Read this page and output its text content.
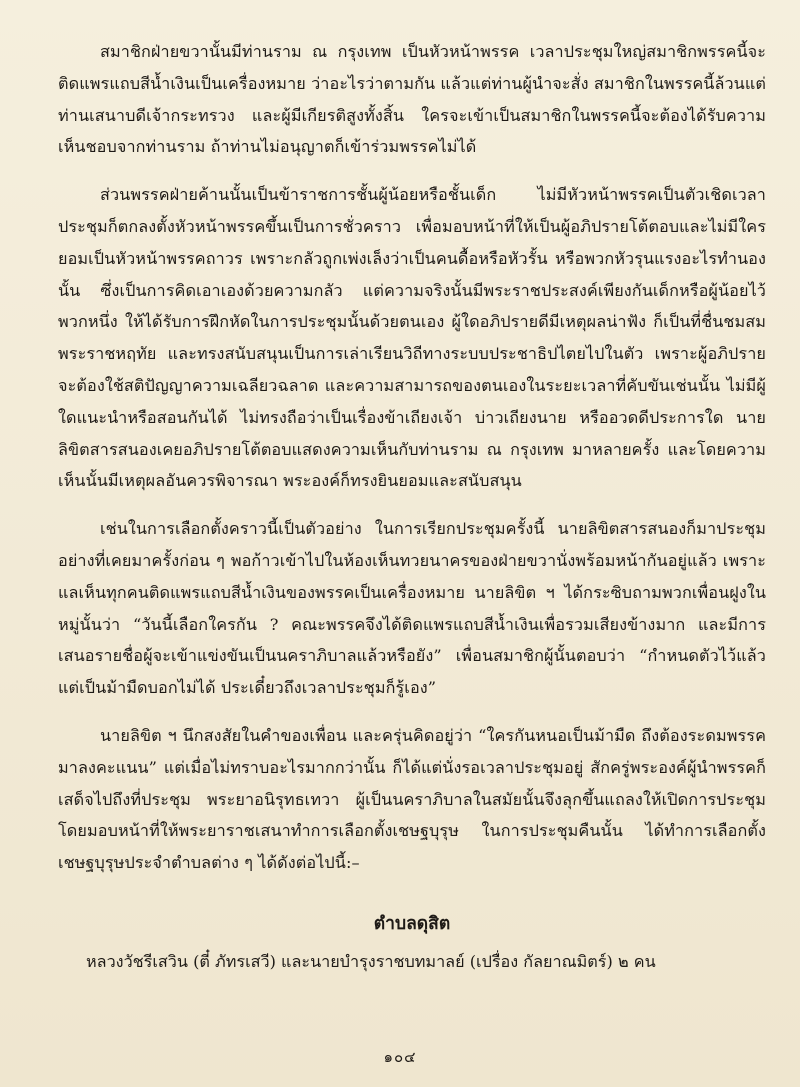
สมาชิกฝ่ายขวานั้นมีท่านราม ณ กรุงเทพ เป็นหัวหน้าพรรค เวลาประชุมใหญ่สมาชิกพรรคนี้จะติดแพรแถบสีน้ำเงินเป็นเครื่องหมาย ว่าอะไรว่าตามกัน แล้วแต่ท่านผู้นำจะสั่ง สมาชิกในพรรคนี้ล้วนแต่ท่านเสนาบดีเจ้ากระทรวง และผู้มีเกียรติสูงทั้งสิ้น ใครจะเข้าเป็นสมาชิกในพรรคนี้จะต้องได้รับความเห็นชอบจากท่านราม ถ้าท่านไม่อนุญาตก็เข้าร่วมพรรคไม่ได้

ส่วนพรรคฝ่ายค้านนั้นเป็นข้าราชการชั้นผู้น้อยหรือชั้นเด็ก ไม่มีหัวหน้าพรรคเป็นตัวเชิดเวลาประชุมก็ตกลงตั้งหัวหน้าพรรคขึ้นเป็นการชั่วคราว เพื่อมอบหน้าที่ให้เป็นผู้อภิปรายโต้ตอบและไม่มีใครยอมเป็นหัวหน้าพรรคถาวร เพราะกลัวถูกเพ่งเล็งว่าเป็นคนดื้อหรือหัวรั้น หรือพวกหัวรุนแรงอะไรทำนองนั้น ซึ่งเป็นการคิดเอาเองด้วยความกลัว แต่ความจริงนั้นมีพระราชประสงค์เพียงกันเด็กหรือผู้น้อยไว้พวกหนึ่ง ให้ได้รับการฝึกหัดในการประชุมนั้นด้วยตนเอง ผู้ใดอภิปรายดีมีเหตุผลน่าฟัง ก็เป็นที่ชื่นชมสมพระราชหฤทัย และทรงสนับสนุนเป็นการเล่าเรียนวิถีทางระบบประชาธิปไตยไปในตัว เพราะผู้อภิปรายจะต้องใช้สติปัญญาความเฉลียวฉลาด และความสามารถของตนเองในระยะเวลาที่คับขันเช่นนั้น ไม่มีผู้ใดแนะนำหรือสอนกันได้ ไม่ทรงถือว่าเป็นเรื่องข้าเถียงเจ้า บ่าวเถียงนาย หรืออวดดีประการใด นายลิขิตสารสนองเคยอภิปรายโต้ตอบแสดงความเห็นกับท่านราม ณ กรุงเทพ มาหลายครั้ง และโดยความเห็นนั้นมีเหตุผลอันควรพิจารณา พระองค์ก็ทรงยินยอมและสนับสนุน

เช่นในการเลือกตั้งคราวนี้เป็นตัวอย่าง ในการเรียกประชุมครั้งนี้ นายลิขิตสารสนองก็มาประชุมอย่างที่เคยมาครั้งก่อน ๆ พอก้าวเข้าไปในห้องเห็นทวยนาครของฝ่ายขวานั่งพร้อมหน้ากันอยู่แล้ว เพราะแลเห็นทุกคนติดแพรแถบสีน้ำเงินของพรรคเป็นเครื่องหมาย นายลิขิต ฯ ได้กระซิบถามพวกเพื่อนฝูงในหมู่นั้นว่า “วันนี้เลือกใครกัน ? คณะพรรคจึงได้ติดแพรแถบสีน้ำเงินเพื่อรวมเสียงข้างมาก และมีการเสนอรายชื่อผู้จะเข้าแข่งขันเป็นนคราภิบาลแล้วหรือยัง” เพื่อนสมาชิกผู้นั้นตอบว่า “กำหนดตัวไว้แล้ว แต่เป็นม้ามืดบอกไม่ได้ ประเดี๋ยวถึงเวลาประชุมก็รู้เอง”

นายลิขิต ฯ นึกสงสัยในคำของเพื่อน และครุ่นคิดอยู่ว่า “ใครกันหนอเป็นม้ามืด ถึงต้องระดมพรรคมาลงคะแนน” แต่เมื่อไม่ทราบอะไรมากกว่านั้น ก็ได้แต่นั่งรอเวลาประชุมอยู่ สักครู่พระองค์ผู้นำพรรคก็เสด็จไปถึงที่ประชุม พระยาอนิรุทธเทวา ผู้เป็นนคราภิบาลในสมัยนั้นจึงลุกขึ้นแถลงให้เปิดการประชุม โดยมอบหน้าที่ให้พระยาราชเสนาทำการเลือกตั้งเชษฐบุรุษ ในการประชุมคืนนั้น ได้ทำการเลือกตั้งเชษฐบุรุษประจำตำบลต่าง ๆ ได้ดังต่อไปนี้:–

ตำบลดุสิต

หลวงวัชรีเสวิน (ตี๋ ภัทรเสวี) และนายบำรุงราชบทมาลย์ (เปรื่อง กัลยาณมิตร์) ๒ คน

๑๐๔
